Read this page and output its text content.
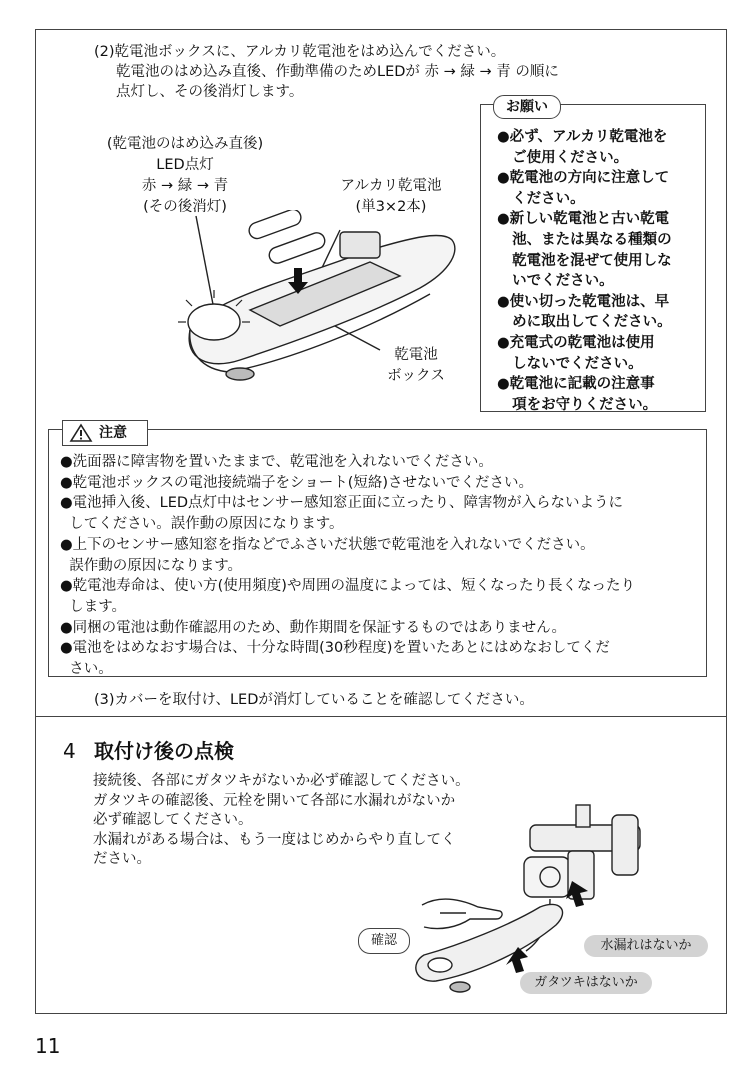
(2)乾電池ボックスに、アルカリ乾電池をはめ込んでください。
乾電池のはめ込み直後、作動準備のためLEDが 赤 → 緑 → 青 の順に
点灯し、その後消灯します。
(乾電池のはめ込み直後)
LED点灯
赤 → 緑 → 青
(その後消灯)
アルカリ乾電池
(単3×2本)
乾電池
ボックス
お願い
●必ず、アルカリ乾電池を
ご使用ください。
●乾電池の方向に注意して
ください。
●新しい乾電池と古い乾電
池、または異なる種類の
乾電池を混ぜて使用しな
いでください。
●使い切った乾電池は、早
めに取出してください。
●充電式の乾電池は使用
しないでください。
●乾電池に記載の注意事
項をお守りください。
注意
●洗面器に障害物を置いたままで、乾電池を入れないでください。
●乾電池ボックスの電池接続端子をショート(短絡)させないでください。
●電池挿入後、LED点灯中はセンサー感知窓正面に立ったり、障害物が入らないように
してください。誤作動の原因になります。
●上下のセンサー感知窓を指などでふさいだ状態で乾電池を入れないでください。
誤作動の原因になります。
●乾電池寿命は、使い方(使用頻度)や周囲の温度によっては、短くなったり長くなったり
します。
●同梱の電池は動作確認用のため、動作期間を保証するものではありません。
●電池をはめなおす場合は、十分な時間(30秒程度)を置いたあとにはめなおしてくだ
さい。
(3)カバーを取付け、LEDが消灯していることを確認してください。
4 取付け後の点検
接続後、各部にガタツキがないか必ず確認してください。
ガタツキの確認後、元栓を開いて各部に水漏れがないか
必ず確認してください。
水漏れがある場合は、もう一度はじめからやり直してく
ださい。
確認	水漏れはないか
ガタツキはないか
11
